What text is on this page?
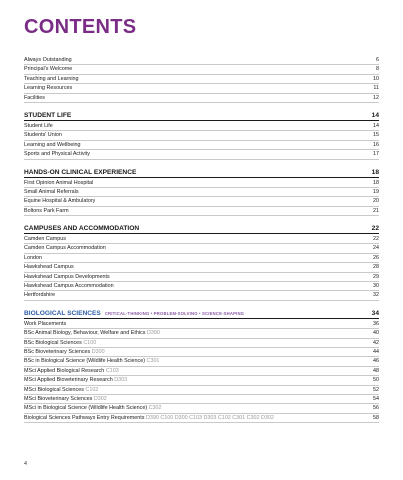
CONTENTS
Always Outstanding	6
Principal's Welcome	8
Teaching and Learning	10
Learning Resources	11
Facilities	12
STUDENT LIFE	14
Student Life	14
Students' Union	15
Learning and Wellbeing	16
Sports and Physical Activity	17
HANDS-ON CLINICAL EXPERIENCE	18
First Opinion Animal Hospital	18
Small Animal Referrals	19
Equine Hospital & Ambulatory	20
Boltons Park Farm	21
CAMPUSES AND ACCOMMODATION	22
Camden Campus	22
Camden Campus Accommodation	24
London	26
Hawkshead Campus	28
Hawkshead Campus Developments	29
Hawkshead Campus Accommodation	30
Hertfordshire	32
BIOLOGICAL SCIENCES CRITICAL-THINKING • PROBLEM-SOLVING • SCIENCE-SHAPING	34
Work Placements	36
BSc Animal Biology, Behaviour, Welfare and Ethics D390	40
BSc Biological Sciences C100	42
BSc Bioveterinary Sciences D300	44
BSc in Biological Science (Wildlife Health Science) C301	46
MSci Applied Biological Research C103	48
MSci Applied Bioveterinary Research D303	50
MSci Biological Sciences C102	52
MSci Bioveterinary Sciences D302	54
MSci in Biological Science (Wildlife Health Science) C302	56
Biological Sciences Pathways Entry Requirements D390 C100 D300 C103 D303 C102 C301 C302 D302	58
4
